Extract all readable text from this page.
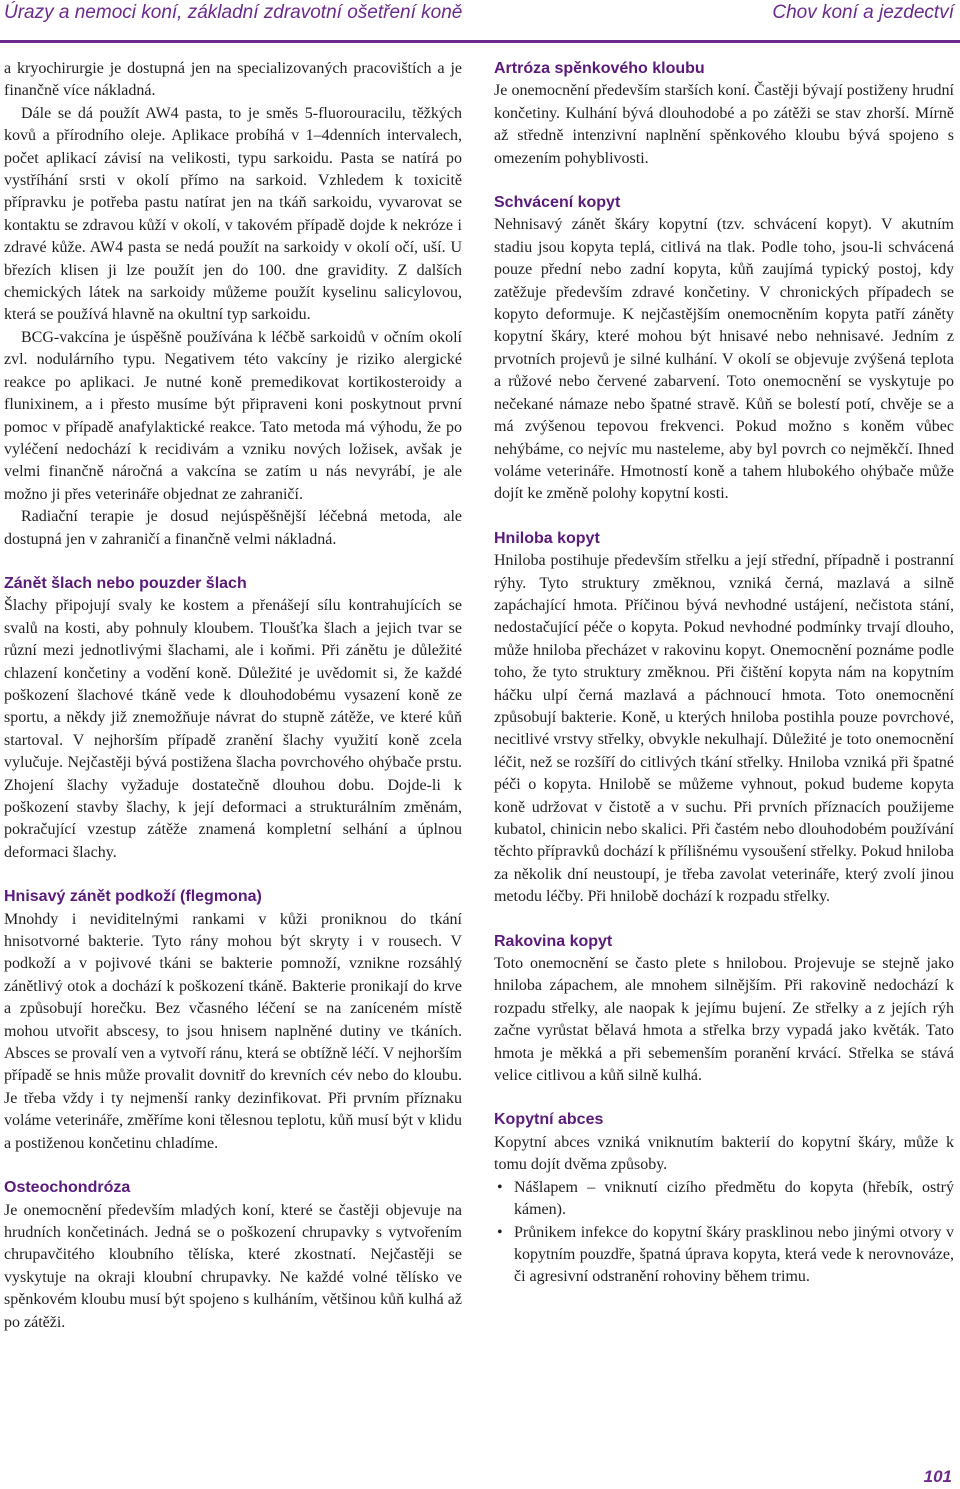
Úrazy a nemoci koní, základní zdravotní ošetření koně	Chov koní a jezdectví

a kryochirurgie je dostupná jen na specializovaných pracovištích a je finančně více nákladná.

Dále se dá použít AW4 pasta, to je směs 5-fluorouracilu, těžkých kovů a přírodního oleje. Aplikace probíhá v 1–4denních intervalech, počet aplikací závisí na velikosti, typu sarkoidu. Pasta se natírá po vystříhání srsti v okolí přímo na sarkoid. Vzhledem k toxicitě přípravku je potřeba pastu natírat jen na tkáň sarkoidu, vyvarovat se kontaktu se zdravou kůží v okolí, v takovém případě dojde k nekróze i zdravé kůže. AW4 pasta se nedá použít na sarkoidy v okolí očí, uší. U březích klisen ji lze použít jen do 100. dne gravidity. Z dalších chemických látek na sarkoidy můžeme použít kyselinu salicylovou, která se používá hlavně na okultní typ sarkoidu.

BCG-vakcína je úspěšně používána k léčbě sarkoidů v očním okolí zvl. nodulárního typu. Negativem této vakcíny je riziko alergické reakce po aplikaci. Je nutné koně premedikovat kortikosteroidy a flunixinem, a i přesto musíme být připraveni koni poskytnout první pomoc v případě anafylaktické reakce. Tato metoda má výhodu, že po vyléčení nedochází k recidivám a vzniku nových ložisek, avšak je velmi finančně náročná a vakcína se zatím u nás nevyrábí, je ale možno ji přes veterináře objednat ze zahraničí.

Radiační terapie je dosud nejúspěšnější léčebná metoda, ale dostupná jen v zahraničí a finančně velmi nákladná.

Zánět šlach nebo pouzder šlach

Šlachy připojují svaly ke kostem a přenášejí sílu kontrahujících se svalů na kosti, aby pohnuly kloubem. Tloušťka šlach a jejich tvar se různí mezi jednotlivými šlachami, ale i koňmi. Při zánětu je důležité chlazení končetiny a vodění koně. Důležité je uvědomit si, že každé poškození šlachové tkáně vede k dlouhodobému vysazení koně ze sportu, a někdy již znemožňuje návrat do stupně zátěže, ve které kůň startoval. V nejhorším případě zranění šlachy využití koně zcela vylučuje. Nejčastěji bývá postižena šlacha povrchového ohýbače prstu. Zhojení šlachy vyžaduje dostatečně dlouhou dobu. Dojde-li k poškození stavby šlachy, k její deformaci a strukturálním změnám, pokračující vzestup zátěže znamená kompletní selhání a úplnou deformaci šlachy.

Hnisavý zánět podkoží (flegmona)

Mnohdy i neviditelnými rankami v kůži proniknou do tkání hnisotvorné bakterie. Tyto rány mohou být skryty i v rousech. V podkoží a v pojivové tkáni se bakterie pomnoží, vznikne rozsáhlý zánětlivý otok a dochází k poškození tkáně. Bakterie pronikají do krve a způsobují horečku. Bez včasného léčení se na zaníceném místě mohou utvořit abscesy, to jsou hnisem naplněné dutiny ve tkáních. Absces se provalí ven a vytvoří ránu, která se obtížně léčí. V nejhorším případě se hnis může provalit dovnitř do krevních cév nebo do kloubu. Je třeba vždy i ty nejmenší ranky dezinfikovat. Při prvním příznaku voláme veterináře, změříme koni tělesnou teplotu, kůň musí být v klidu a postiženou končetinu chladíme.

Osteochondróza

Je onemocnění především mladých koní, které se častěji objevuje na hrudních končetinách. Jedná se o poškození chrupavky s vytvořením chrupavčitého kloubního tělíska, které zkostnatí. Nejčastěji se vyskytuje na okraji kloubní chrupavky. Ne každé volné tělísko ve spěnkovém kloubu musí být spojeno s kulháním, většinou kůň kulhá až po zátěži.

Artróza spěnkového kloubu

Je onemocnění především starších koní. Častěji bývají postiženy hrudní končetiny. Kulhání bývá dlouhodobé a po zátěži se stav zhorší. Mírně až středně intenzivní naplnění spěnkového kloubu bývá spojeno s omezením pohyblivosti.

Schvácení kopyt

Nehnisavý zánět škáry kopytní (tzv. schvácení kopyt). V akutním stadiu jsou kopyta teplá, citlivá na tlak. Podle toho, jsou-li schvácená pouze přední nebo zadní kopyta, kůň zaujímá typický postoj, kdy zatěžuje především zdravé končetiny. V chronických případech se kopyto deformuje. K nejčastějším onemocněním kopyta patří záněty kopytní škáry, které mohou být hnisavé nebo nehnisavé. Jedním z prvotních projevů je silné kulhání. V okolí se objevuje zvýšená teplota a růžové nebo červené zabarvení. Toto onemocnění se vyskytuje po nečekané námaze nebo špatné stravě. Kůň se bolestí potí, chvěje se a má zvýšenou tepovou frekvenci. Pokud možno s koněm vůbec nehýbáme, co nejvíc mu nasteleme, aby byl povrch co nejměkčí. Ihned voláme veterináře. Hmotností koně a tahem hlubokého ohýbače může dojít ke změně polohy kopytní kosti.

Hniloba kopyt

Hniloba postihuje především střelku a její střední, případně i postranní rýhy. Tyto struktury změknou, vzniká černá, mazlavá a silně zapáchající hmota. Příčinou bývá nevhodné ustájení, nečistota stání, nedostačující péče o kopyta. Pokud nevhodné podmínky trvají dlouho, může hniloba přecházet v rakovinu kopyt. Onemocnění poznáme podle toho, že tyto struktury změknou. Při čištění kopyta nám na kopytním háčku ulpí černá mazlavá a páchnoucí hmota. Toto onemocnění způsobují bakterie. Koně, u kterých hniloba postihla pouze povrchové, necitlivé vrstvy střelky, obvykle nekulhají. Důležité je toto onemocnění léčit, než se rozšíří do citlivých tkání střelky. Hniloba vzniká při špatné péči o kopyta. Hnilobě se můžeme vyhnout, pokud budeme kopyta koně udržovat v čistotě a v suchu. Při prvních příznacích použijeme kubatol, chinicin nebo skalici. Při častém nebo dlouhodobém používání těchto přípravků dochází k přílišnému vysoušení střelky. Pokud hniloba za několik dní neustoupí, je třeba zavolat veterináře, který zvolí jinou metodu léčby. Při hnilobě dochází k rozpadu střelky.

Rakovina kopyt

Toto onemocnění se často plete s hnilobou. Projevuje se stejně jako hniloba zápachem, ale mnohem silnějším. Při rakovině nedochází k rozpadu střelky, ale naopak k jejímu bujení. Ze střelky a z jejích rýh začne vyrůstat bělavá hmota a střelka brzy vypadá jako květák. Tato hmota je měkká a při sebemenším poranění krvácí. Střelka se stává velice citlivou a kůň silně kulhá.

Kopytní abces

Kopytní abces vzniká vniknutím bakterií do kopytní škáry, může k tomu dojít dvěma způsoby.

• Nášlapem – vniknutí cizího předmětu do kopyta (hřebík, ostrý kámen).
• Průnikem infekce do kopytní škáry prasklinou nebo jinými otvory v kopytním pouzdře, špatná úprava kopyta, která vede k nerovnováze, či agresivní odstranění rohoviny během trimu.
101
